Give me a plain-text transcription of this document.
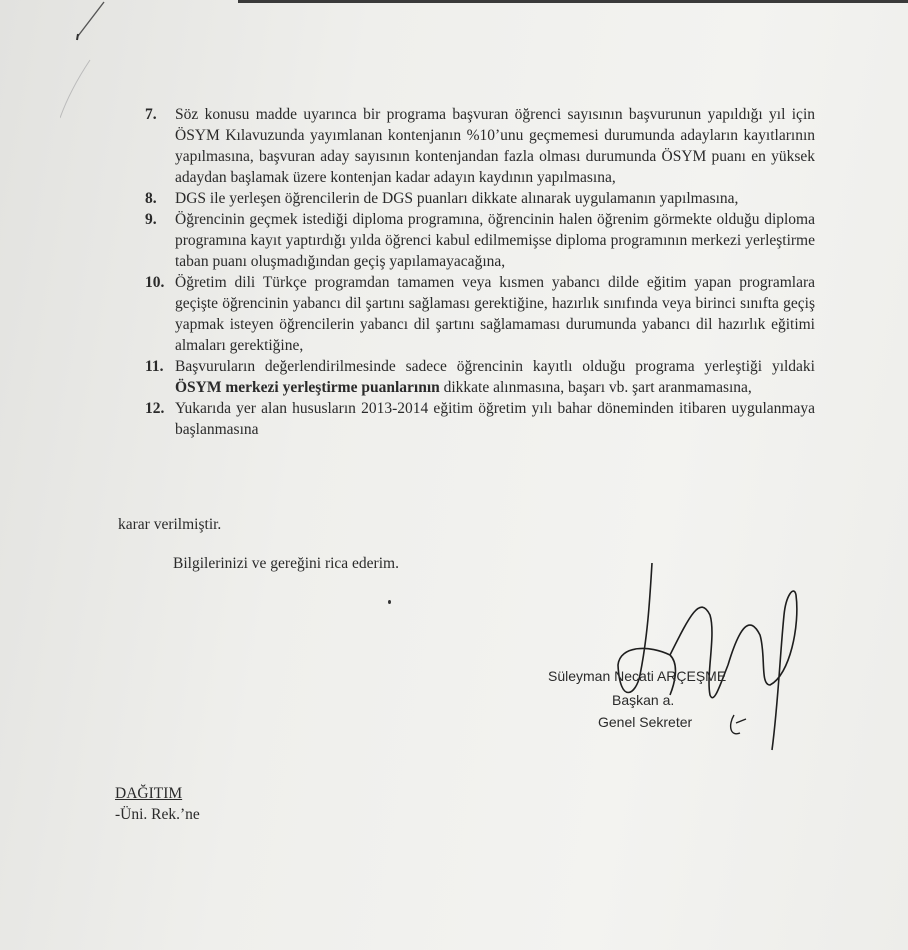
7.	Söz konusu madde uyarınca bir programa başvuran öğrenci sayısının başvurunun yapıldığı yıl için ÖSYM Kılavuzunda yayımlanan kontenjanın %10’unu geçmemesi durumunda adayların kayıtlarının yapılmasına, başvuran aday sayısının kontenjandan fazla olması durumunda ÖSYM puanı en yüksek adaydan başlamak üzere kontenjan kadar adayın kaydının yapılmasına,
8.	DGS ile yerleşen öğrencilerin de DGS puanları dikkate alınarak uygulamanın yapılmasına,
9.	Öğrencinin geçmek istediği diploma programına, öğrencinin halen öğrenim görmekte olduğu diploma programına kayıt yaptırdığı yılda öğrenci kabul edilmemişse diploma programının merkezi yerleştirme taban puanı oluşmadığından geçiş yapılamayacağına,
10. Öğretim dili Türkçe programdan tamamen veya kısmen yabancı dilde eğitim yapan programlara geçişte öğrencinin yabancı dil şartını sağlaması gerektiğine, hazırlık sınıfında veya birinci sınıfta geçiş yapmak isteyen öğrencilerin yabancı dil şartını sağlamaması durumunda yabancı dil hazırlık eğitimi almaları gerektiğine,
11. Başvuruların değerlendirilmesinde sadece öğrencinin kayıtlı olduğu programa yerleştiği yıldaki ÖSYM merkezi yerleştirme puanlarının dikkate alınmasına, başarı vb. şart aranmamasına,
12. Yukarıda yer alan hususların 2013-2014 eğitim öğretim yılı bahar döneminden itibaren uygulanmaya başlanmasına
karar verilmiştir.
Bilgilerinizi ve gereğini rica ederim.
Süleyman Necati ARÇEŞME
Başkan a.
Genel Sekreter
DAĞITIM
-Üni. Rek.’ne
